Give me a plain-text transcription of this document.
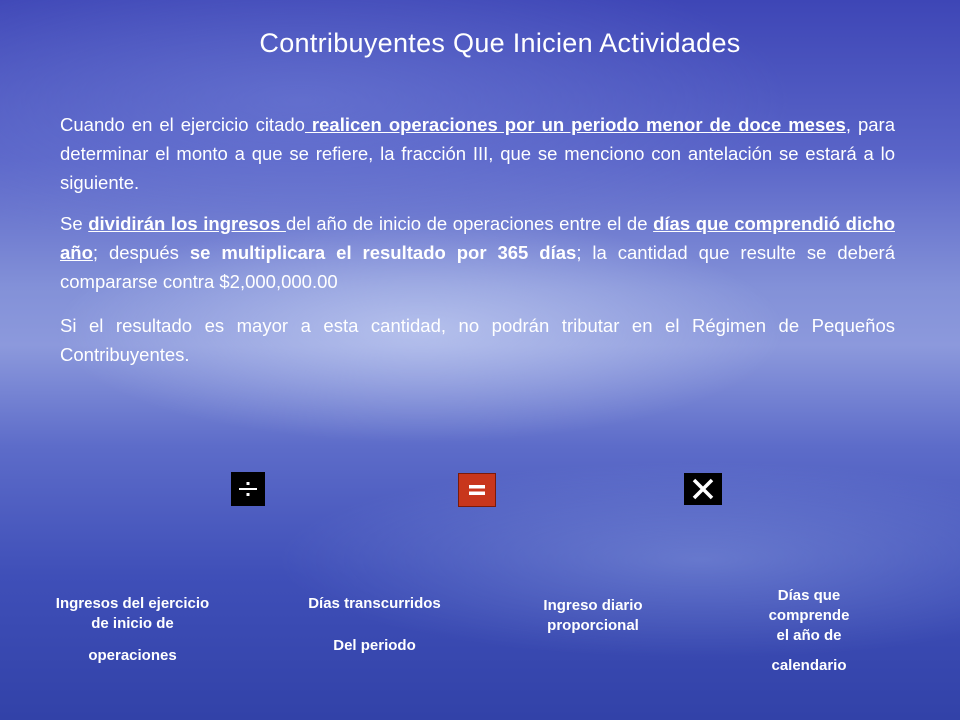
Contribuyentes Que Inicien Actividades

Cuando en el ejercicio citado realicen operaciones por un periodo menor de doce meses, para determinar el monto a que se refiere, la fracción III, que se menciono con antelación se estará a lo siguiente.

Se dividirán los ingresos del año de inicio de operaciones entre el de días que comprendió dicho año; después se multiplicara el resultado por 365 días; la cantidad que resulte se deberá compararse contra $2,000,000.00

Si el resultado es mayor a esta cantidad, no podrán tributar en el Régimen de Pequeños Contribuyentes.

Ingresos del ejercicio
de inicio de
operaciones
Días transcurridos
Del periodo
Ingreso diario
proporcional
Días que
comprende
el año de
calendario
